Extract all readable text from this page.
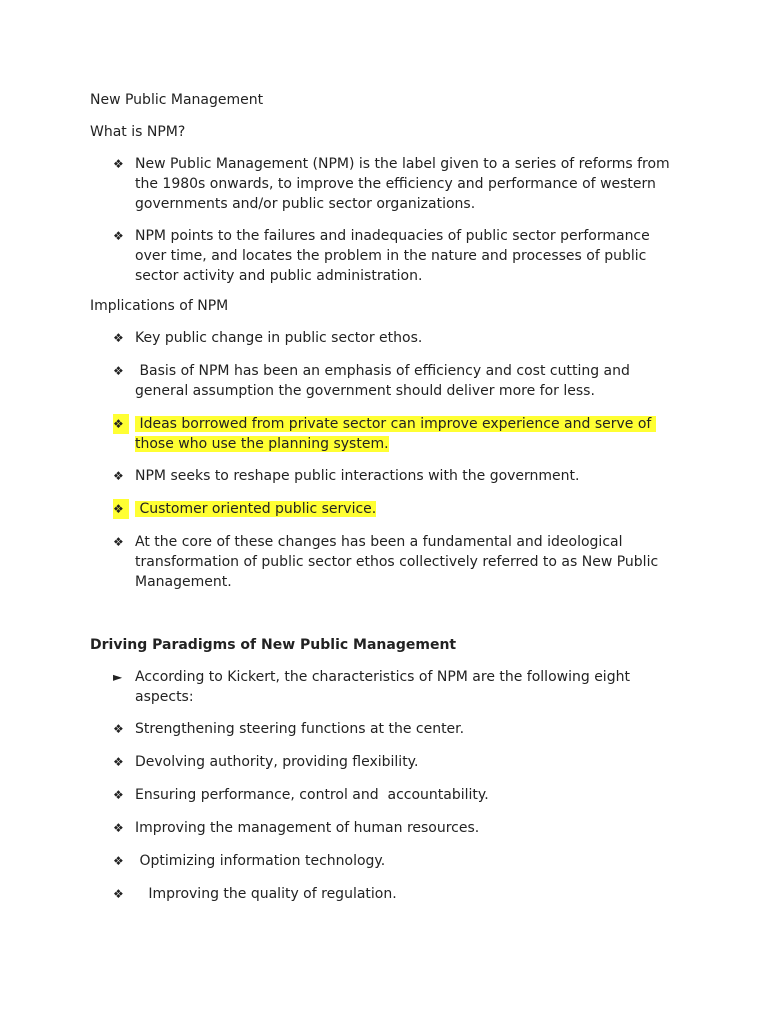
New Public Management
What is NPM?
❖ New Public Management (NPM) is the label given to a series of reforms from the 1980s onwards, to improve the efficiency and performance of western governments and/or public sector organizations.
❖ NPM points to the failures and inadequacies of public sector performance over time, and locates the problem in the nature and processes of public sector activity and public administration.
Implications of NPM
❖ Key public change in public sector ethos.
❖ Basis of NPM has been an emphasis of efficiency and cost cutting and general assumption the government should deliver more for less.
❖ Ideas borrowed from private sector can improve experience and serve of those who use the planning system.
❖ NPM seeks to reshape public interactions with the government.
❖ Customer oriented public service.
❖ At the core of these changes has been a fundamental and ideological transformation of public sector ethos collectively referred to as New Public Management.
Driving Paradigms of New Public Management
► According to Kickert, the characteristics of NPM are the following eight aspects:
❖ Strengthening steering functions at the center.
❖ Devolving authority, providing flexibility.
❖ Ensuring performance, control and  accountability.
❖ Improving the management of human resources.
❖ Optimizing information technology.
❖ Improving the quality of regulation.
